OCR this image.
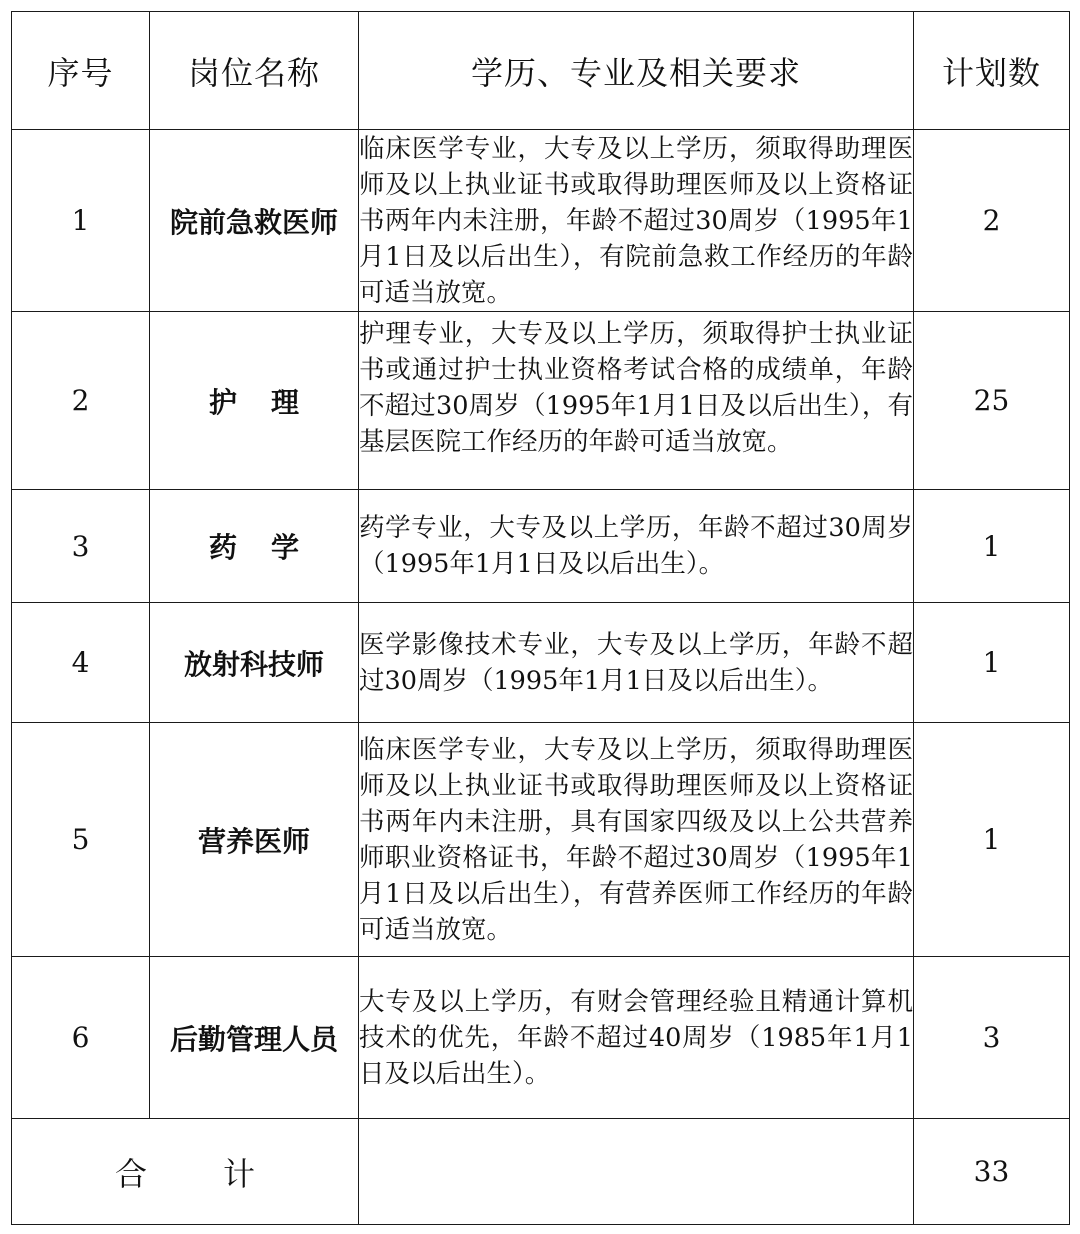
序号	岗位名称	学历、专业及相关要求	计划数
1	院前急救医师	临床医学专业，大专及以上学历，须取得助理医师及以上执业证书或取得助理医师及以上资格证书两年内未注册，年龄不超过30周岁（1995年1月1日及以后出生），有院前急救工作经历的年龄可适当放宽。	2
2	护理	护理专业，大专及以上学历，须取得护士执业证书或通过护士执业资格考试合格的成绩单，年龄不超过30周岁（1995年1月1日及以后出生），有基层医院工作经历的年龄可适当放宽。	25
3	药学	药学专业，大专及以上学历，年龄不超过30周岁（1995年1月1日及以后出生）。	1
4	放射科技师	医学影像技术专业，大专及以上学历，年龄不超过30周岁（1995年1月1日及以后出生）。	1
5	营养医师	临床医学专业，大专及以上学历，须取得助理医师及以上执业证书或取得助理医师及以上资格证书两年内未注册，具有国家四级及以上公共营养师职业资格证书，年龄不超过30周岁（1995年1月1日及以后出生），有营养医师工作经历的年龄可适当放宽。	1
6	后勤管理人员	大专及以上学历，有财会管理经验且精通计算机技术的优先，年龄不超过40周岁（1985年1月1日及以后出生）。	3
合计			33
